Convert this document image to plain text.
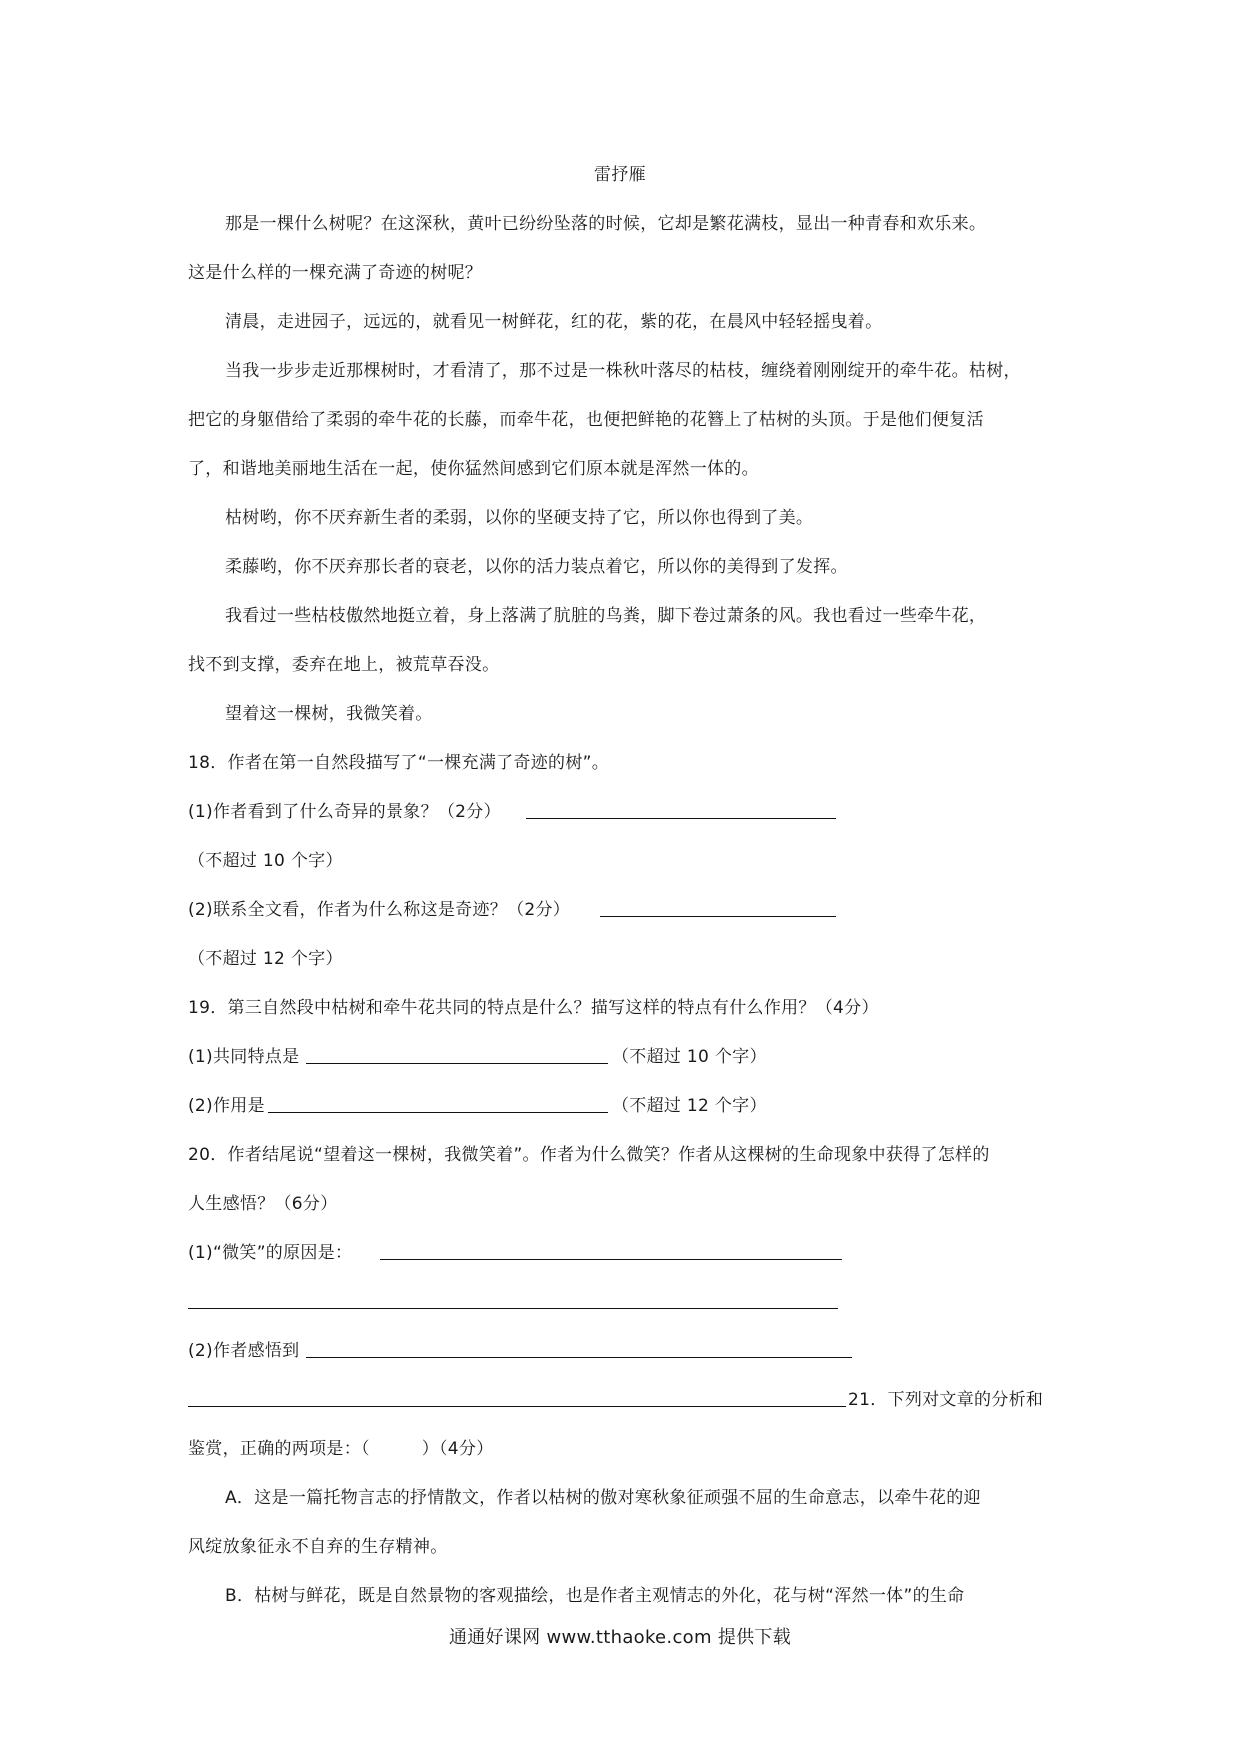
雷抒雁
那是一棵什么树呢？在这深秋，黄叶已纷纷坠落的时候，它却是繁花满枝，显出一种青春和欢乐来。
这是什么样的一棵充满了奇迹的树呢？
清晨，走进园子，远远的，就看见一树鲜花，红的花，紫的花，在晨风中轻轻摇曳着。
当我一步步走近那棵树时，才看清了，那不过是一株秋叶落尽的枯枝，缠绕着刚刚绽开的牵牛花。枯树，
把它的身躯借给了柔弱的牵牛花的长藤，而牵牛花，也便把鲜艳的花簪上了枯树的头顶。于是他们便复活
了，和谐地美丽地生活在一起，使你猛然间感到它们原本就是浑然一体的。
枯树哟，你不厌弃新生者的柔弱，以你的坚硬支持了它，所以你也得到了美。
柔藤哟，你不厌弃那长者的衰老，以你的活力装点着它，所以你的美得到了发挥。
我看过一些枯枝傲然地挺立着，身上落满了肮脏的鸟粪，脚下卷过萧条的风。我也看过一些牵牛花，
找不到支撑，委弃在地上，被荒草吞没。
望着这一棵树，我微笑着。
18．作者在第一自然段描写了“一棵充满了奇迹的树”。
(1)作者看到了什么奇异的景象？（2分）
（不超过 10 个字）
(2)联系全文看，作者为什么称这是奇迹？（2分）
（不超过 12 个字）
19．第三自然段中枯树和牵牛花共同的特点是什么？描写这样的特点有什么作用？（4分）
(1)共同特点是	（不超过 10 个字）
(2)作用是	（不超过 12 个字）
20．作者结尾说“望着这一棵树，我微笑着”。作者为什么微笑？作者从这棵树的生命现象中获得了怎样的
人生感悟？（6分）
(1)“微笑”的原因是：
(2)作者感悟到
21．下列对文章的分析和
鉴赏，正确的两项是：（　　　）（4分）
A．这是一篇托物言志的抒情散文，作者以枯树的傲对寒秋象征顽强不屈的生命意志，以牵牛花的迎
风绽放象征永不自弃的生存精神。
B．枯树与鲜花，既是自然景物的客观描绘，也是作者主观情志的外化，花与树“浑然一体”的生命
通通好课网 www.tthaoke.com 提供下载
